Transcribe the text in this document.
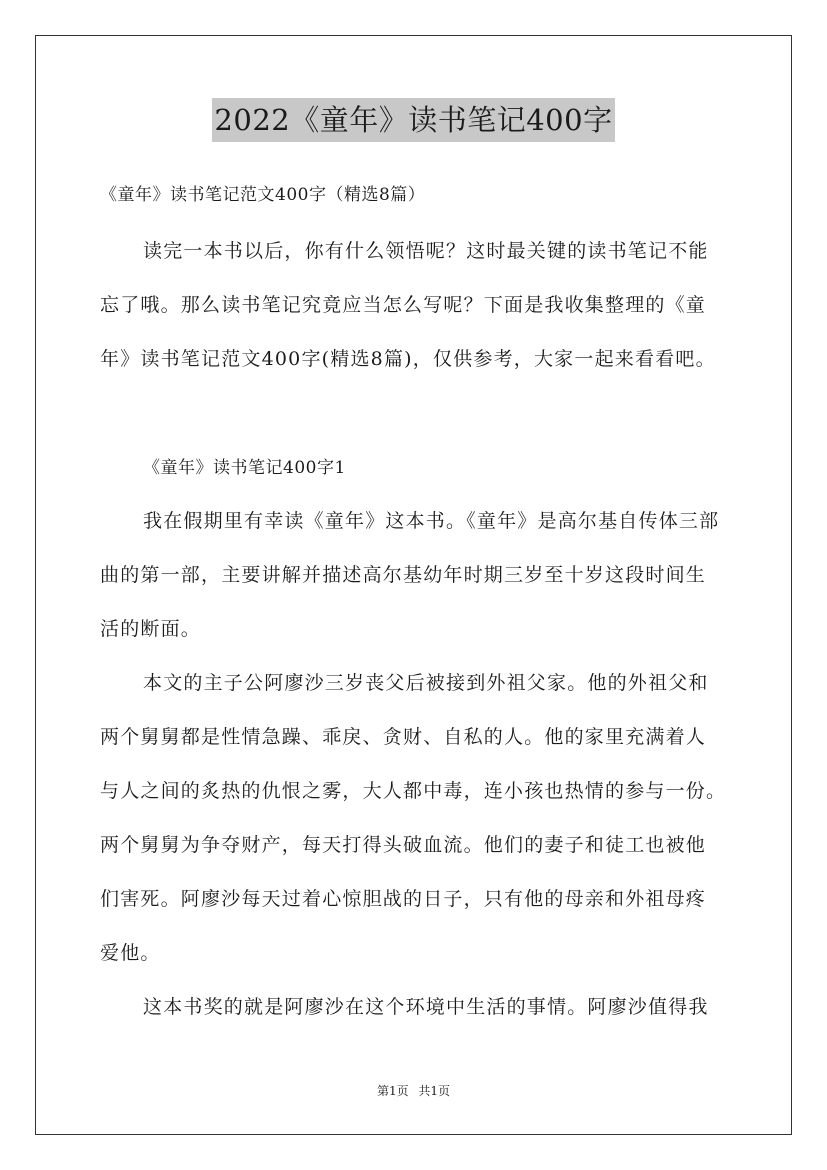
2022《童年》读书笔记400字
《童年》读书笔记范文400字（精选8篇）
读完一本书以后，你有什么领悟呢？这时最关键的读书笔记不能
忘了哦。那么读书笔记究竟应当怎么写呢？下面是我收集整理的《童
年》读书笔记范文400字(精选8篇)，仅供参考，大家一起来看看吧。
《童年》读书笔记400字1
我在假期里有幸读《童年》这本书。《童年》是高尔基自传体三部
曲的第一部，主要讲解并描述高尔基幼年时期三岁至十岁这段时间生
活的断面。
本文的主子公阿廖沙三岁丧父后被接到外祖父家。他的外祖父和
两个舅舅都是性情急躁、乖戾、贪财、自私的人。他的家里充满着人
与人之间的炙热的仇恨之雾，大人都中毒，连小孩也热情的参与一份。
两个舅舅为争夺财产，每天打得头破血流。他们的妻子和徒工也被他
们害死。阿廖沙每天过着心惊胆战的日子，只有他的母亲和外祖母疼
爱他。
这本书奖的就是阿廖沙在这个环境中生活的事情。阿廖沙值得我
第1页 共1页
